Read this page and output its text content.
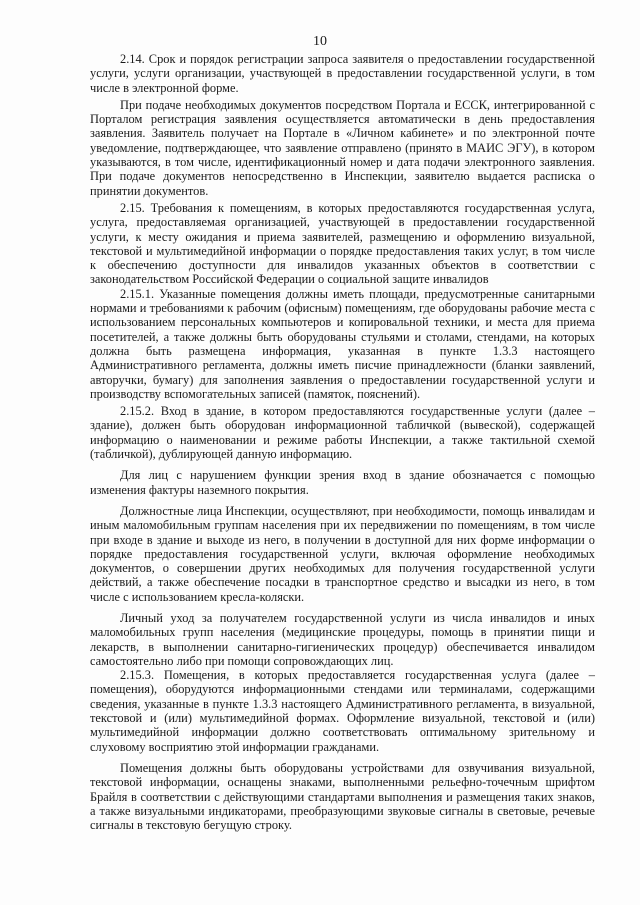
10

2.14. Срок и порядок регистрации запроса заявителя о предоставлении государственной услуги, услуги организации, участвующей в предоставлении государственной услуги, в том числе в электронной форме.

При подаче необходимых документов посредством Портала и ЕССК, интегрированной с Порталом регистрация заявления осуществляется автоматически в день предоставления заявления. Заявитель получает на Портале в «Личном кабинете» и по электронной почте уведомление, подтверждающее, что заявление отправлено (принято в МАИС ЭГУ), в котором указываются, в том числе, идентификационный номер и дата подачи электронного заявления. При подаче документов непосредственно в Инспекции, заявителю выдается расписка о принятии документов.

2.15. Требования к помещениям, в которых предоставляются государственная услуга, услуга, предоставляемая организацией, участвующей в предоставлении государственной услуги, к месту ожидания и приема заявителей, размещению и оформлению визуальной, текстовой и мультимедийной информации о порядке предоставления таких услуг, в том числе к обеспечению доступности для инвалидов указанных объектов в соответствии с законодательством Российской Федерации о социальной защите инвалидов

2.15.1. Указанные помещения должны иметь площади, предусмотренные санитарными нормами и требованиями к рабочим (офисным) помещениям, где оборудованы рабочие места с использованием персональных компьютеров и копировальной техники, и места для приема посетителей, а также должны быть оборудованы стульями и столами, стендами, на которых должна быть размещена информация, указанная в пункте 1.3.3 настоящего Административного регламента, должны иметь писчие принадлежности (бланки заявлений, авторучки, бумагу) для заполнения заявления о предоставлении государственной услуги и производству вспомогательных записей (памяток, пояснений).

2.15.2. Вход в здание, в котором предоставляются государственные услуги (далее – здание), должен быть оборудован информационной табличкой (вывеской), содержащей информацию о наименовании и режиме работы Инспекции, а также тактильной схемой (табличкой), дублирующей данную информацию.

Для лиц с нарушением функции зрения вход в здание обозначается с помощью изменения фактуры наземного покрытия.

Должностные лица Инспекции, осуществляют, при необходимости, помощь инвалидам и иным маломобильным группам населения при их передвижении по помещениям, в том числе при входе в здание и выходе из него, в получении в доступной для них форме информации о порядке предоставления государственной услуги, включая оформление необходимых документов, о совершении других необходимых для получения государственной услуги действий, а также обеспечение посадки в транспортное средство и высадки из него, в том числе с использованием кресла-коляски.

Личный уход за получателем государственной услуги из числа инвалидов и иных маломобильных групп населения (медицинские процедуры, помощь в принятии пищи и лекарств, в выполнении санитарно-гигиенических процедур) обеспечивается инвалидом самостоятельно либо при помощи сопровождающих лиц.

2.15.3. Помещения, в которых предоставляется государственная услуга (далее – помещения), оборудуются информационными стендами или терминалами, содержащими сведения, указанные в пункте 1.3.3 настоящего Административного регламента, в визуальной, текстовой и (или) мультимедийной формах. Оформление визуальной, текстовой и (или) мультимедийной информации должно соответствовать оптимальному зрительному и слуховому восприятию этой информации гражданами.

Помещения должны быть оборудованы устройствами для озвучивания визуальной, текстовой информации, оснащены знаками, выполненными рельефно-точечным шрифтом Брайля в соответствии с действующими стандартами выполнения и размещения таких знаков, а также визуальными индикаторами, преобразующими звуковые сигналы в световые, речевые сигналы в текстовую бегущую строку.
